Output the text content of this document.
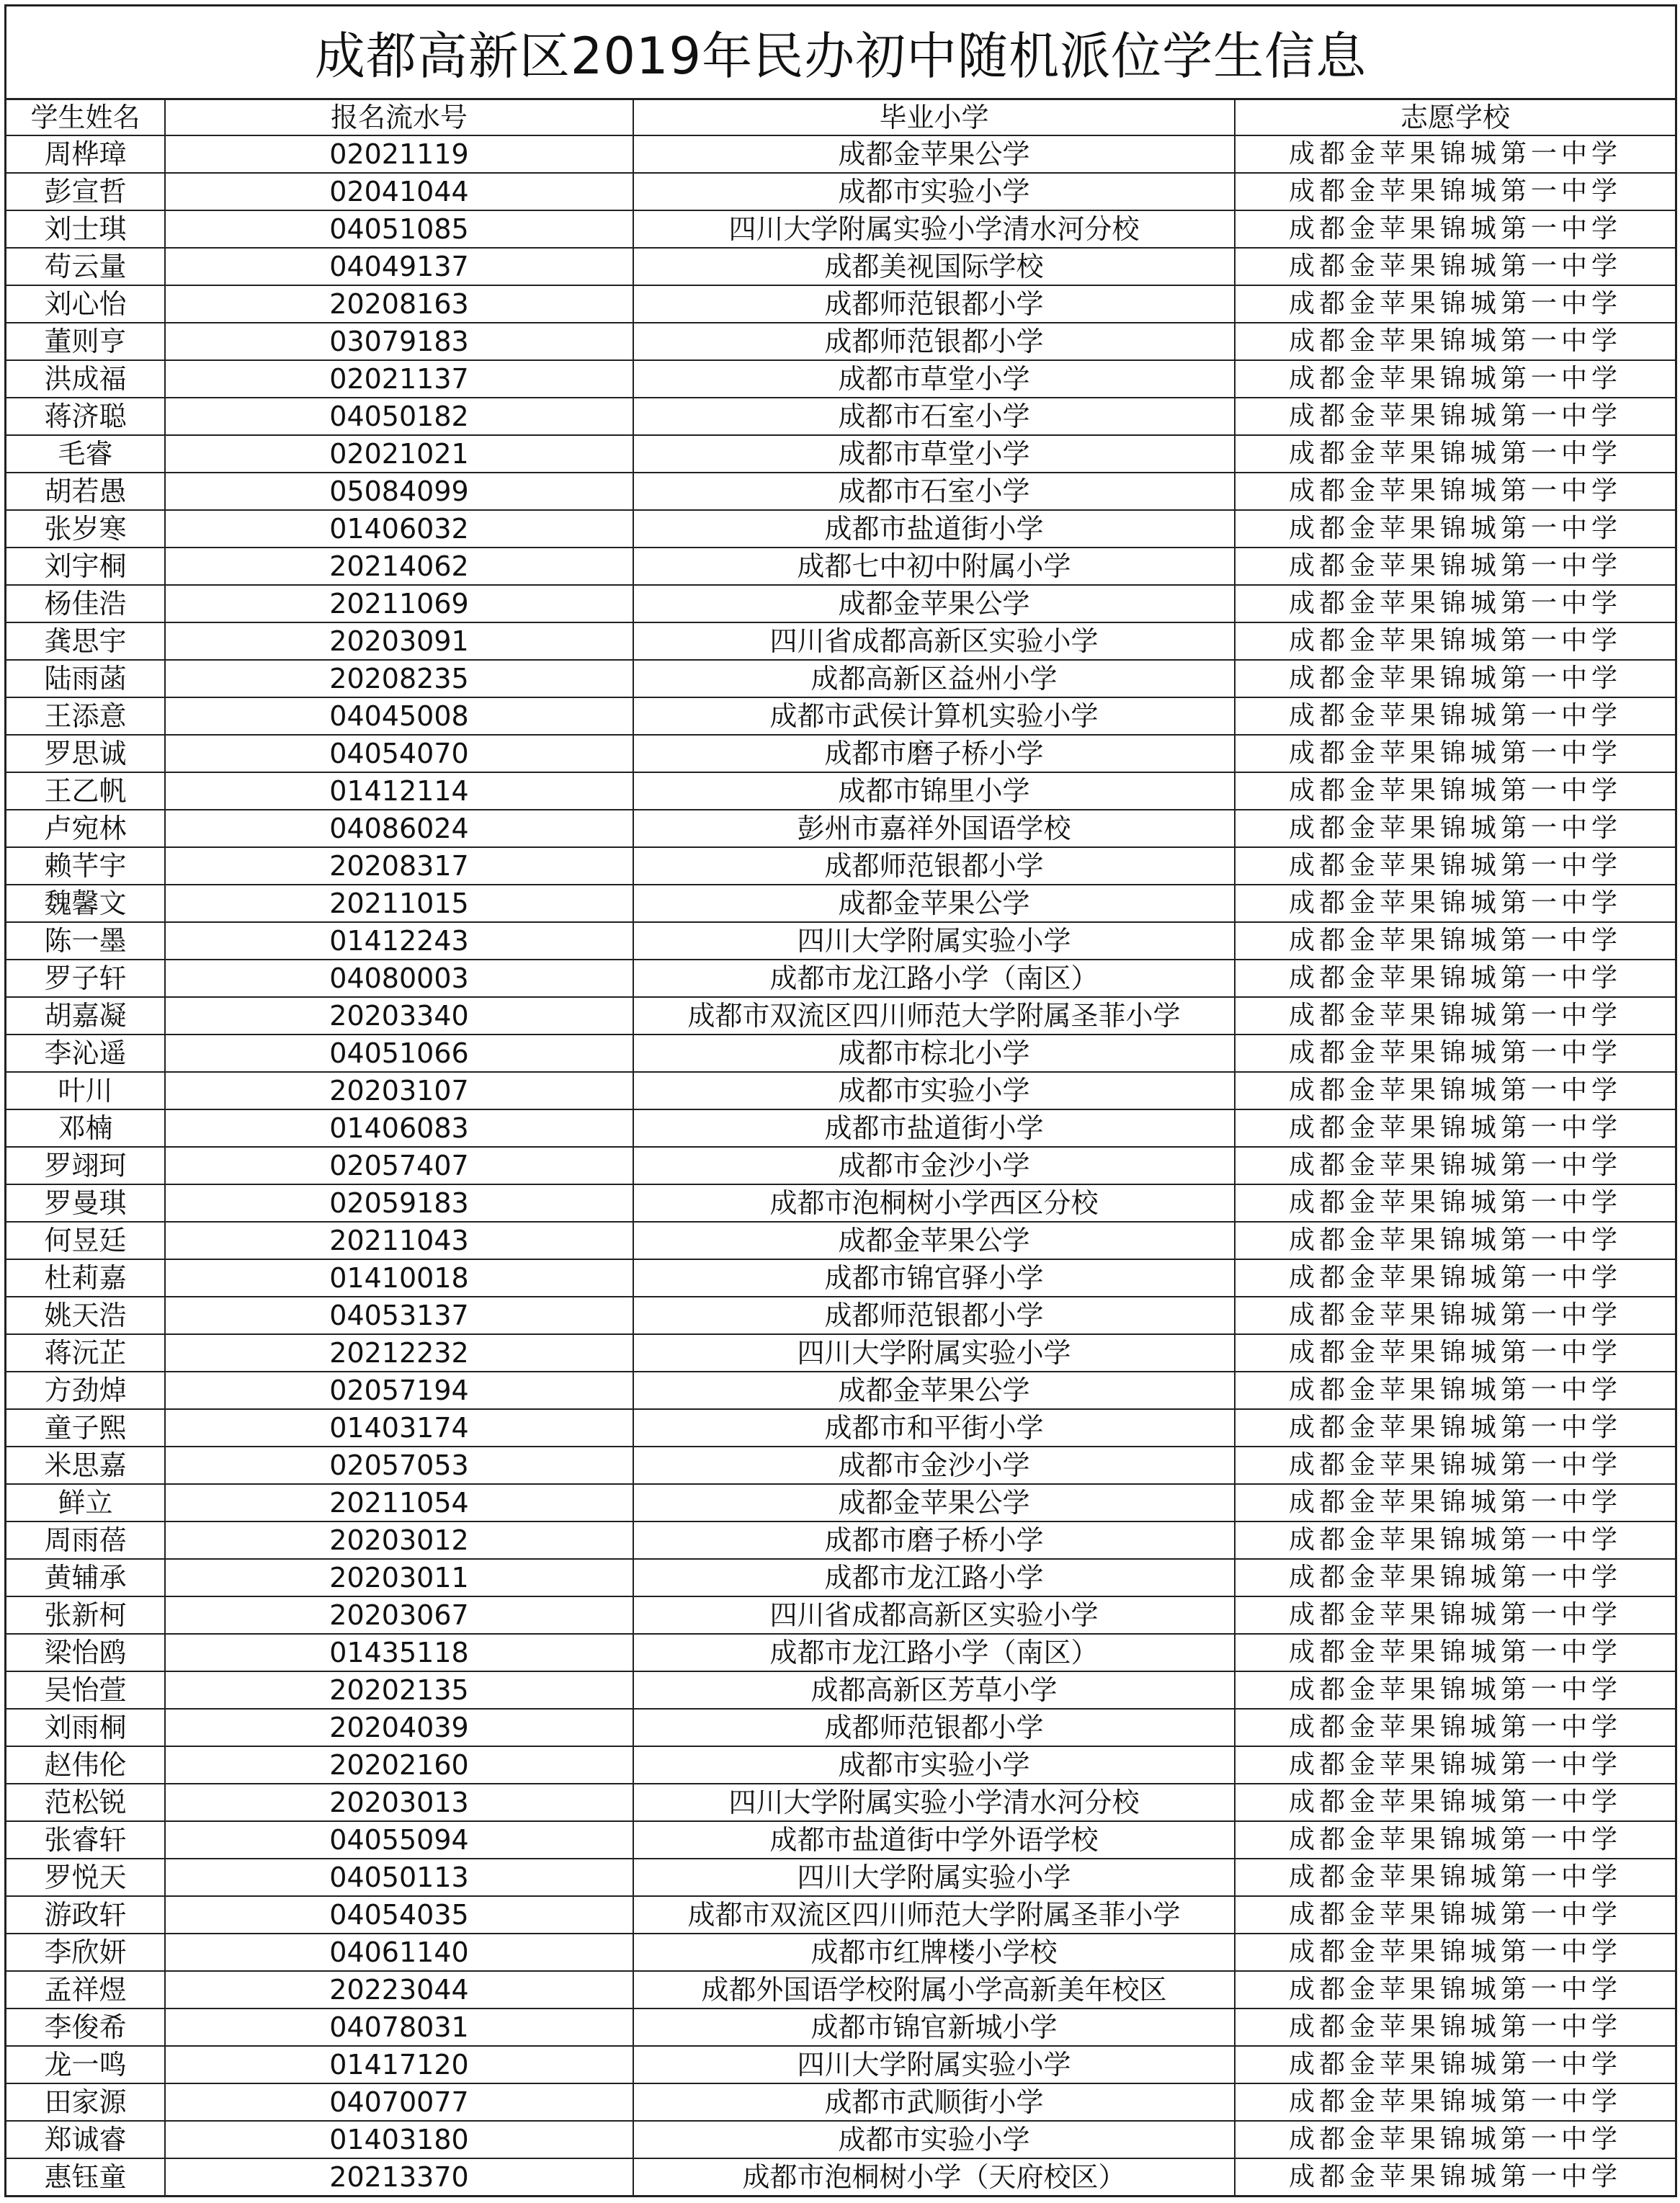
成都高新区2019年民办初中随机派位学生信息
学生姓名	报名流水号	毕业小学	志愿学校
周桦璋	02021119	成都金苹果公学	成都金苹果锦城第一中学
彭宣哲	02041044	成都市实验小学	成都金苹果锦城第一中学
刘士琪	04051085	四川大学附属实验小学清水河分校	成都金苹果锦城第一中学
苟云量	04049137	成都美视国际学校	成都金苹果锦城第一中学
刘心怡	20208163	成都师范银都小学	成都金苹果锦城第一中学
董则亨	03079183	成都师范银都小学	成都金苹果锦城第一中学
洪成福	02021137	成都市草堂小学	成都金苹果锦城第一中学
蒋济聪	04050182	成都市石室小学	成都金苹果锦城第一中学
毛睿	02021021	成都市草堂小学	成都金苹果锦城第一中学
胡若愚	05084099	成都市石室小学	成都金苹果锦城第一中学
张岁寒	01406032	成都市盐道街小学	成都金苹果锦城第一中学
刘宇桐	20214062	成都七中初中附属小学	成都金苹果锦城第一中学
杨佳浩	20211069	成都金苹果公学	成都金苹果锦城第一中学
龚思宇	20203091	四川省成都高新区实验小学	成都金苹果锦城第一中学
陆雨菡	20208235	成都高新区益州小学	成都金苹果锦城第一中学
王添意	04045008	成都市武侯计算机实验小学	成都金苹果锦城第一中学
罗思诚	04054070	成都市磨子桥小学	成都金苹果锦城第一中学
王乙帆	01412114	成都市锦里小学	成都金苹果锦城第一中学
卢宛林	04086024	彭州市嘉祥外国语学校	成都金苹果锦城第一中学
赖芊宇	20208317	成都师范银都小学	成都金苹果锦城第一中学
魏馨文	20211015	成都金苹果公学	成都金苹果锦城第一中学
陈一墨	01412243	四川大学附属实验小学	成都金苹果锦城第一中学
罗子轩	04080003	成都市龙江路小学（南区）	成都金苹果锦城第一中学
胡嘉凝	20203340	成都市双流区四川师范大学附属圣菲小学	成都金苹果锦城第一中学
李沁遥	04051066	成都市棕北小学	成都金苹果锦城第一中学
叶川	20203107	成都市实验小学	成都金苹果锦城第一中学
邓楠	01406083	成都市盐道街小学	成都金苹果锦城第一中学
罗翊珂	02057407	成都市金沙小学	成都金苹果锦城第一中学
罗曼琪	02059183	成都市泡桐树小学西区分校	成都金苹果锦城第一中学
何昱廷	20211043	成都金苹果公学	成都金苹果锦城第一中学
杜莉嘉	01410018	成都市锦官驿小学	成都金苹果锦城第一中学
姚天浩	04053137	成都师范银都小学	成都金苹果锦城第一中学
蒋沅芷	20212232	四川大学附属实验小学	成都金苹果锦城第一中学
方劲焯	02057194	成都金苹果公学	成都金苹果锦城第一中学
童子熙	01403174	成都市和平街小学	成都金苹果锦城第一中学
米思嘉	02057053	成都市金沙小学	成都金苹果锦城第一中学
鲜立	20211054	成都金苹果公学	成都金苹果锦城第一中学
周雨蓓	20203012	成都市磨子桥小学	成都金苹果锦城第一中学
黄辅承	20203011	成都市龙江路小学	成都金苹果锦城第一中学
张新柯	20203067	四川省成都高新区实验小学	成都金苹果锦城第一中学
梁怡鸥	01435118	成都市龙江路小学（南区）	成都金苹果锦城第一中学
吴怡萱	20202135	成都高新区芳草小学	成都金苹果锦城第一中学
刘雨桐	20204039	成都师范银都小学	成都金苹果锦城第一中学
赵伟伦	20202160	成都市实验小学	成都金苹果锦城第一中学
范松锐	20203013	四川大学附属实验小学清水河分校	成都金苹果锦城第一中学
张睿轩	04055094	成都市盐道街中学外语学校	成都金苹果锦城第一中学
罗悦天	04050113	四川大学附属实验小学	成都金苹果锦城第一中学
游政轩	04054035	成都市双流区四川师范大学附属圣菲小学	成都金苹果锦城第一中学
李欣妍	04061140	成都市红牌楼小学校	成都金苹果锦城第一中学
孟祥煜	20223044	成都外国语学校附属小学高新美年校区	成都金苹果锦城第一中学
李俊希	04078031	成都市锦官新城小学	成都金苹果锦城第一中学
龙一鸣	01417120	四川大学附属实验小学	成都金苹果锦城第一中学
田家源	04070077	成都市武顺街小学	成都金苹果锦城第一中学
郑诚睿	01403180	成都市实验小学	成都金苹果锦城第一中学
惠钰童	20213370	成都市泡桐树小学（天府校区）	成都金苹果锦城第一中学
